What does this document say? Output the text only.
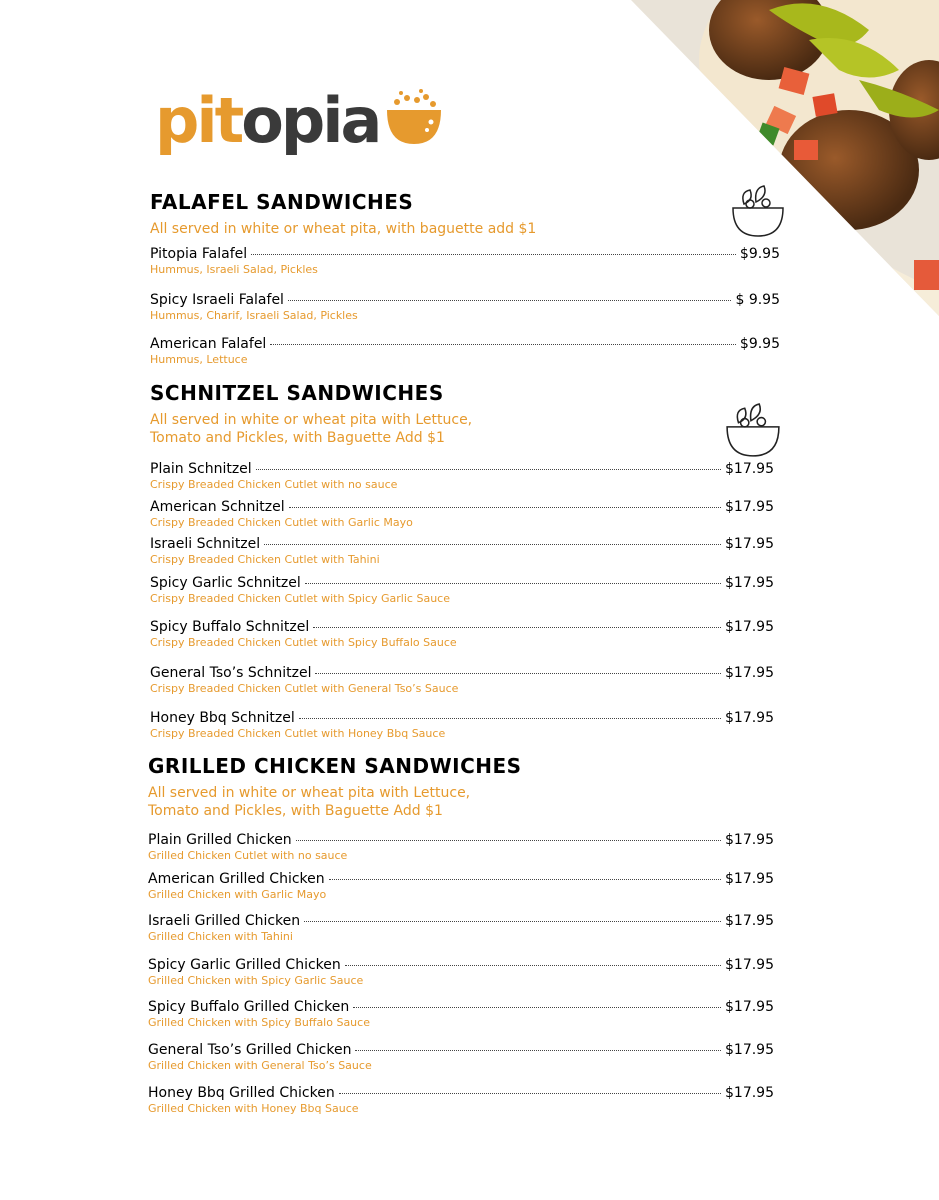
pit opia
FALAFEL SANDWICHES
All served in white or wheat pita, with baguette add $1
Pitopia Falafel	$9.95
Hummus, Israeli Salad, Pickles
Spicy Israeli Falafel	$ 9.95
Hummus, Charif, Israeli Salad, Pickles
American Falafel	$9.95
Hummus, Lettuce
SCHNITZEL SANDWICHES
All served in white or wheat pita with Lettuce, Tomato and Pickles, with Baguette Add $1
Plain Schnitzel	$17.95
Crispy Breaded Chicken Cutlet with no sauce
American Schnitzel	$17.95
Crispy Breaded Chicken Cutlet with Garlic Mayo
Israeli Schnitzel	$17.95
Crispy Breaded Chicken Cutlet with Tahini
Spicy Garlic Schnitzel	$17.95
Crispy Breaded Chicken Cutlet with Spicy Garlic Sauce
Spicy Buffalo Schnitzel	$17.95
Crispy Breaded Chicken Cutlet with Spicy Buffalo Sauce
General Tso’s Schnitzel	$17.95
Crispy Breaded Chicken Cutlet with General Tso’s Sauce
Honey Bbq Schnitzel	$17.95
Crispy Breaded Chicken Cutlet with Honey Bbq Sauce
GRILLED CHICKEN SANDWICHES
All served in white or wheat pita with Lettuce, Tomato and Pickles, with Baguette Add $1
Plain Grilled Chicken	$17.95
Grilled Chicken Cutlet with no sauce
American Grilled Chicken	$17.95
Grilled Chicken with Garlic Mayo
Israeli Grilled Chicken	$17.95
Grilled Chicken with Tahini
Spicy Garlic Grilled Chicken	$17.95
Grilled Chicken with Spicy Garlic Sauce
Spicy Buffalo Grilled Chicken	$17.95
Grilled Chicken with Spicy Buffalo Sauce
General Tso’s Grilled Chicken	$17.95
Grilled Chicken with General Tso’s Sauce
Honey Bbq Grilled Chicken	$17.95
Grilled Chicken with Honey Bbq Sauce
